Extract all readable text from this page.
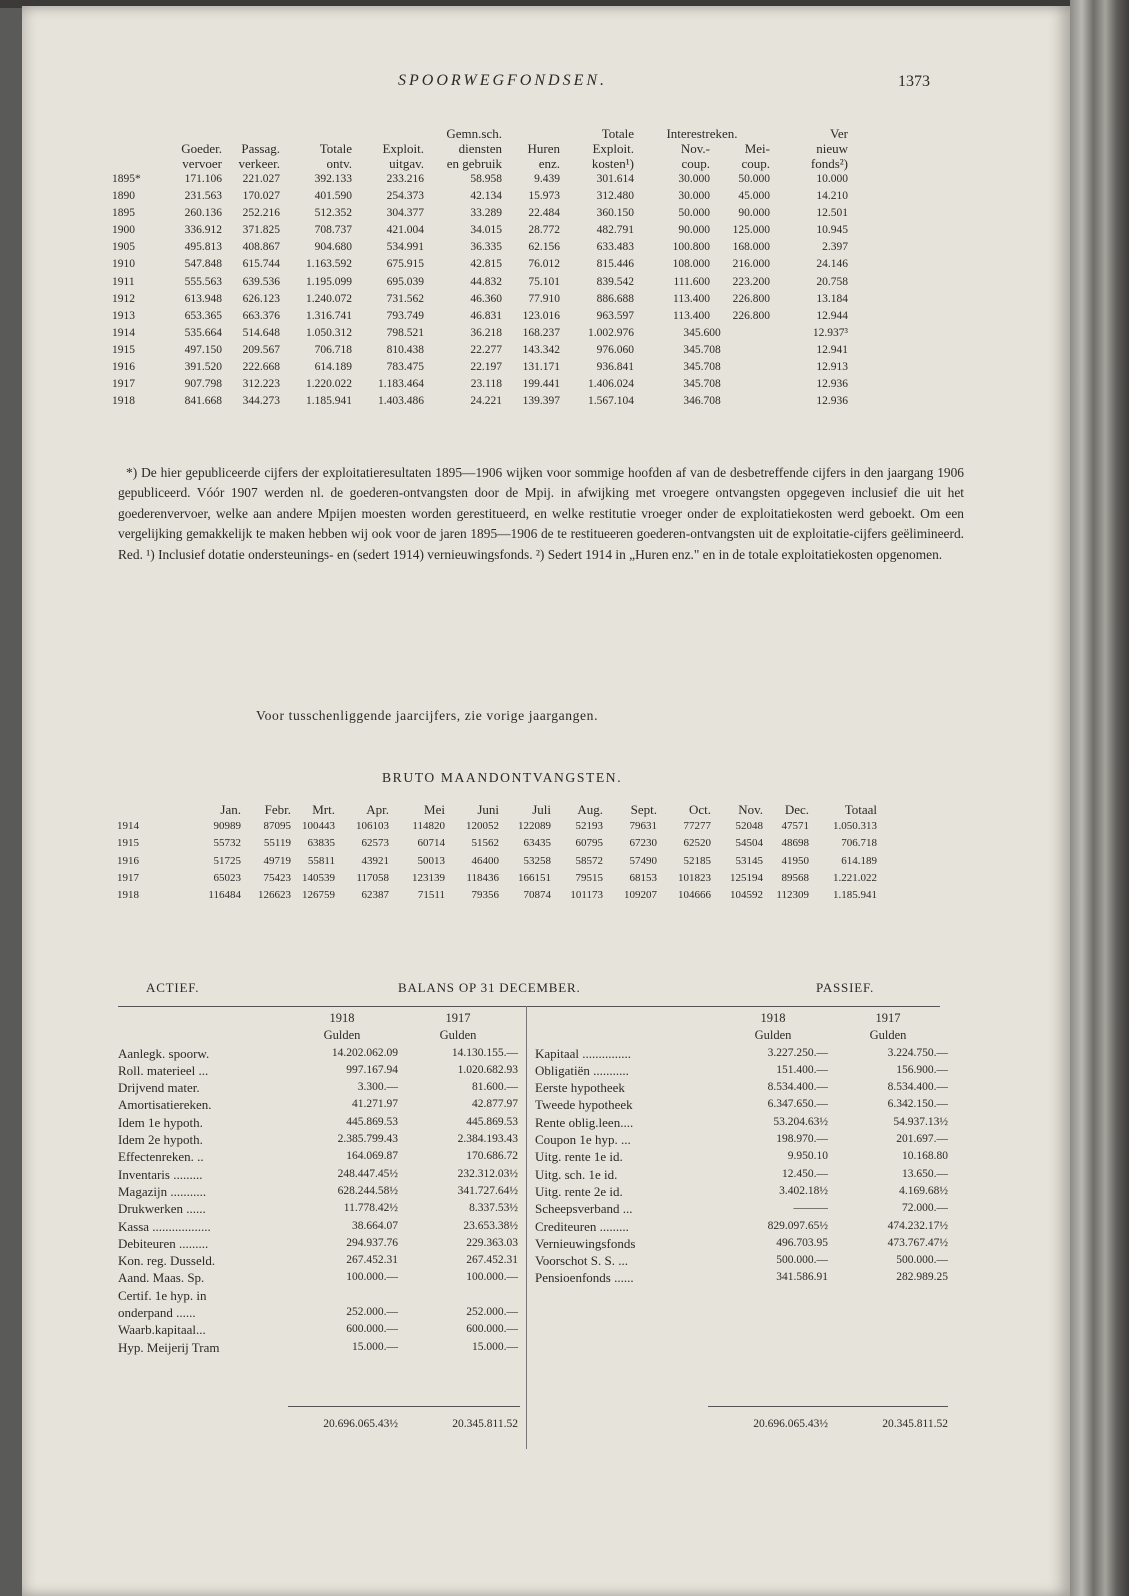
SPOORWEGFONDSEN.	1373
					Gemn.sch.		Totale	Interestreken.		Ver
	Goeder.	Passag.	Totale	Exploit.	diensten	Huren	Exploit.	Nov.-	Mei-	nieuw
	vervoer	verkeer.	ontv.	uitgav.	en gebruik	enz.	kosten¹)	coup.	coup.	fonds²)
1895*	171.106	221.027	392.133	233.216	58.958	9.439	301.614	30.000	50.000	10.000
1890	231.563	170.027	401.590	254.373	42.134	15.973	312.480	30.000	45.000	14.210
1895	260.136	252.216	512.352	304.377	33.289	22.484	360.150	50.000	90.000	12.501
1900	336.912	371.825	708.737	421.004	34.015	28.772	482.791	90.000	125.000	10.945
1905	495.813	408.867	904.680	534.991	36.335	62.156	633.483	100.800	168.000	2.397
1910	547.848	615.744	1.163.592	675.915	42.815	76.012	815.446	108.000	216.000	24.146
1911	555.563	639.536	1.195.099	695.039	44.832	75.101	839.542	111.600	223.200	20.758
1912	613.948	626.123	1.240.072	731.562	46.360	77.910	886.688	113.400	226.800	13.184
1913	653.365	663.376	1.316.741	793.749	46.831	123.016	963.597	113.400	226.800	12.944
1914	535.664	514.648	1.050.312	798.521	36.218	168.237	1.002.976	345.600		12.937³
1915	497.150	209.567	706.718	810.438	22.277	143.342	976.060	345.708		12.941
1916	391.520	222.668	614.189	783.475	22.197	131.171	936.841	345.708		12.913
1917	907.798	312.223	1.220.022	1.183.464	23.118	199.441	1.406.024	345.708		12.936
1918	841.668	344.273	1.185.941	1.403.486	24.221	139.397	1.567.104	346.708		12.936

*) De hier gepubliceerde cijfers der exploitatieresultaten 1895—1906 wijken voor sommige hoofden af van de desbetreffende cijfers in den jaargang 1906 gepubliceerd. Vóór 1907 werden nl. de goederen-ontvangsten door de Mpij. in afwijking met vroegere ontvangsten opgegeven inclusief die uit het goederenvervoer, welke aan andere Mpijen moesten worden gerestitueerd, en welke restitutie vroeger onder de exploitatiekosten werd geboekt. Om een vergelijking gemakkelijk te maken hebben wij ook voor de jaren 1895—1906 de te restitueeren goederen-ontvangsten uit de exploitatie-cijfers geëlimineerd. Red. ¹) Inclusief dotatie ondersteunings- en (sedert 1914) vernieuwingsfonds. ²) Sedert 1914 in „Huren enz." en in de totale exploitatiekosten opgenomen.

Voor tusschenliggende jaarcijfers, zie vorige jaargangen.
BRUTO MAANDONTVANGSTEN.
	Jan.	Febr.	Mrt.	Apr.	Mei	Juni	Juli	Aug.	Sept.	Oct.	Nov.	Dec.	Totaal
1914	90989	87095	100443	106103	114820	120052	122089	52193	79631	77277	52048	47571	1.050.313
1915	55732	55119	63835	62573	60714	51562	63435	60795	67230	62520	54504	48698	706.718
1916	51725	49719	55811	43921	50013	46400	53258	58572	57490	52185	53145	41950	614.189
1917	65023	75423	140539	117058	123139	118436	166151	79515	68153	101823	125194	89568	1.221.022
1918	116484	126623	126759	62387	71511	79356	70874	101173	109207	104666	104592	112309	1.185.941
ACTIEF.	BALANS OP 31 DECEMBER.	PASSIEF.
	1918	1917
	Gulden	Gulden
Aanlegk. spoorw.	14.202.062.09	14.130.155.—
Roll. materieel ...	997.167.94	1.020.682.93
Drijvend mater.	3.300.—	81.600.—
Amortisatiereken.	41.271.97	42.877.97
Idem 1e hypoth.	445.869.53	445.869.53
Idem 2e hypoth.	2.385.799.43	2.384.193.43
Effectenreken. ..	164.069.87	170.686.72
Inventaris .........	248.447.45½	232.312.03½
Magazijn ...........	628.244.58½	341.727.64½
Drukwerken ......	11.778.42½	8.337.53½
Kassa ..................	38.664.07	23.653.38½
Debiteuren .........	294.937.76	229.363.03
Kon. reg. Dusseld.	267.452.31	267.452.31
Aand. Maas. Sp.	100.000.—	100.000.—
Certif. 1e hyp. in		
onderpand ......	252.000.—	252.000.—
Waarb.kapitaal...	600.000.—	600.000.—
Hyp. Meijerij Tram	15.000.—	15.000.—
	1918	1917
	Gulden	Gulden
Kapitaal ...............	3.227.250.—	3.224.750.—
Obligatiën ...........	151.400.—	156.900.—
Eerste hypotheek	8.534.400.—	8.534.400.—
Tweede hypotheek	6.347.650.—	6.342.150.—
Rente oblig.leen....	53.204.63½	54.937.13½
Coupon 1e hyp. ...	198.970.—	201.697.—
Uitg. rente 1e id.	9.950.10	10.168.80
Uitg. sch. 1e id.	12.450.—	13.650.—
Uitg. rente 2e id.	3.402.18½	4.169.68½
Scheepsverband ...	———	72.000.—
Crediteuren .........	829.097.65½	474.232.17½
Vernieuwingsfonds	496.703.95	473.767.47½
Voorschot S. S. ...	500.000.—	500.000.—
Pensioenfonds ......	341.586.91	282.989.25
20.696.065.43½	20.345.811.52	20.696.065.43½	20.345.811.52
